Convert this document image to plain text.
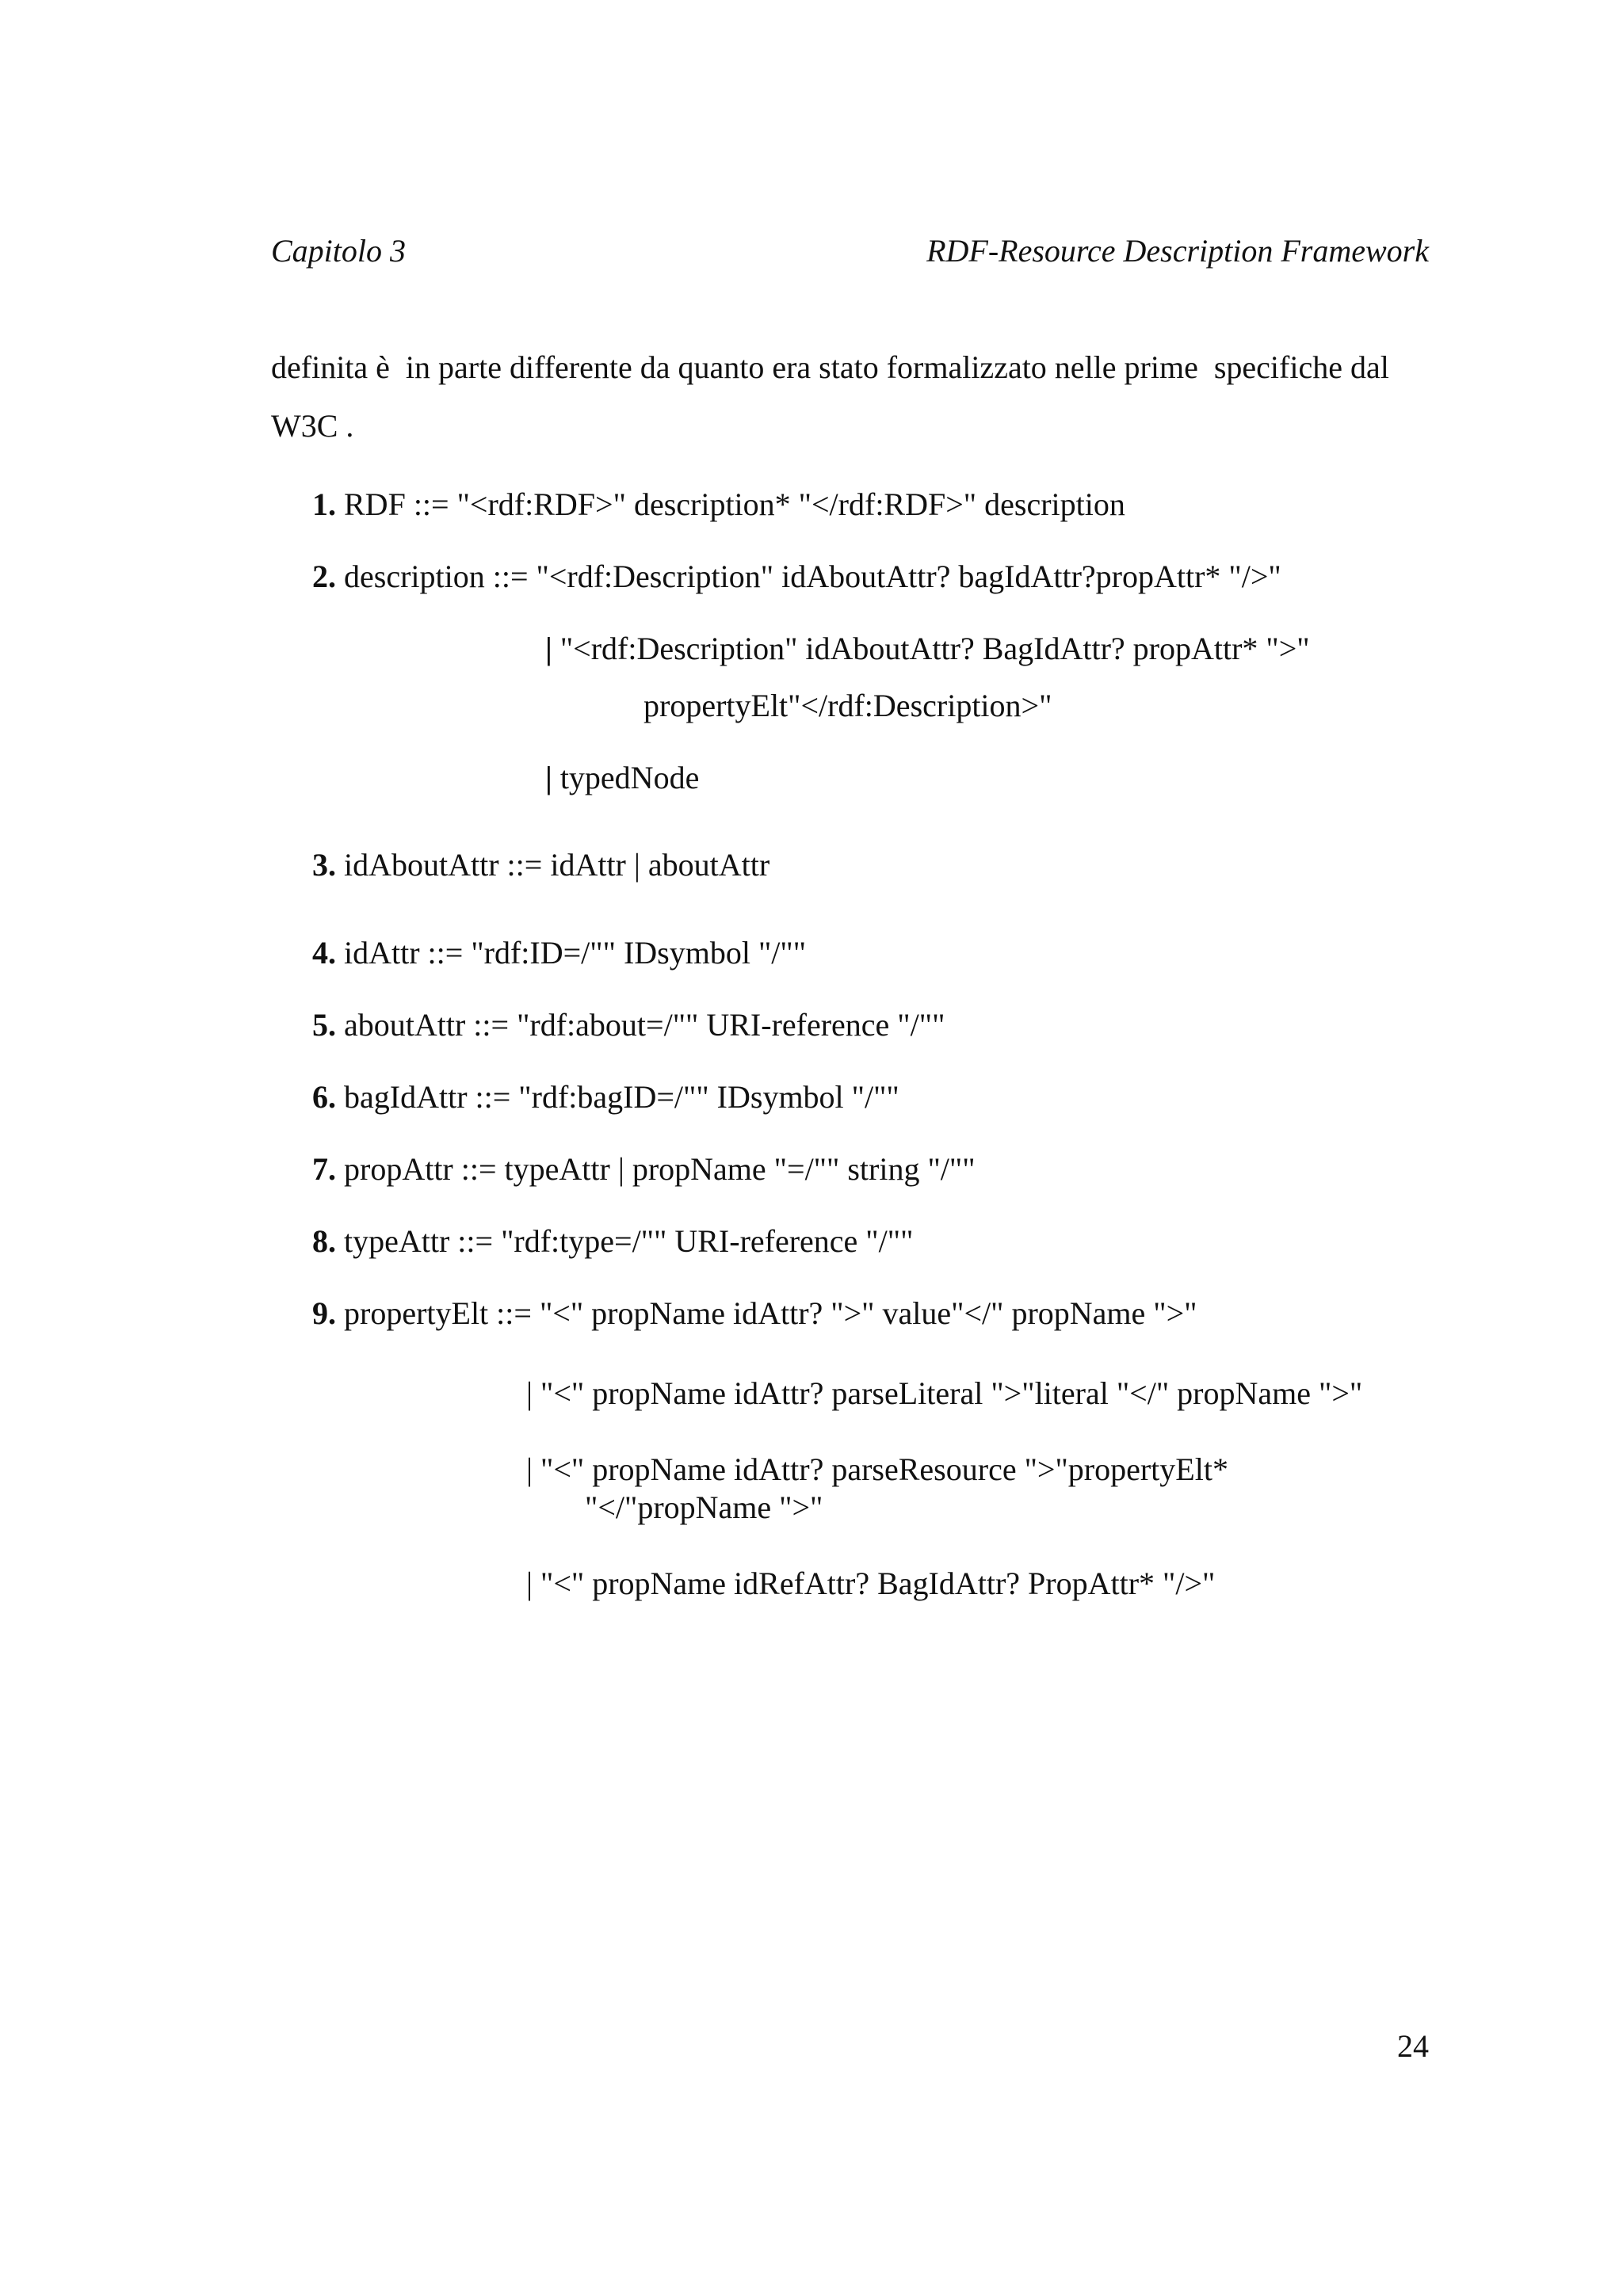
Capitolo 3	RDF-Resource Description Framework
definita è  in parte differente da quanto era stato formalizzato nelle prime  specifiche dal
W3C .
1. RDF ::= "<rdf:RDF>" description* "</rdf:RDF>" description
2. description ::= "<rdf:Description" idAboutAttr? bagIdAttr?propAttr* "/>"
| "<rdf:Description" idAboutAttr? BagIdAttr? propAttr* ">"
propertyElt"</rdf:Description>"
| typedNode
3. idAboutAttr ::= idAttr | aboutAttr
4. idAttr ::= "rdf:ID=/"" IDsymbol "/""
5. aboutAttr ::= "rdf:about=/"" URI-reference "/""
6. bagIdAttr ::= "rdf:bagID=/"" IDsymbol "/""
7. propAttr ::= typeAttr | propName "=/"" string "/""
8. typeAttr ::= "rdf:type=/"" URI-reference "/""
9. propertyElt ::= "<" propName idAttr? ">" value"</" propName ">"
| "<" propName idAttr? parseLiteral ">"literal "</" propName ">"
| "<" propName idAttr? parseResource ">"propertyElt*
"</"propName ">"
| "<" propName idRefAttr? BagIdAttr? PropAttr* "/>"
24
